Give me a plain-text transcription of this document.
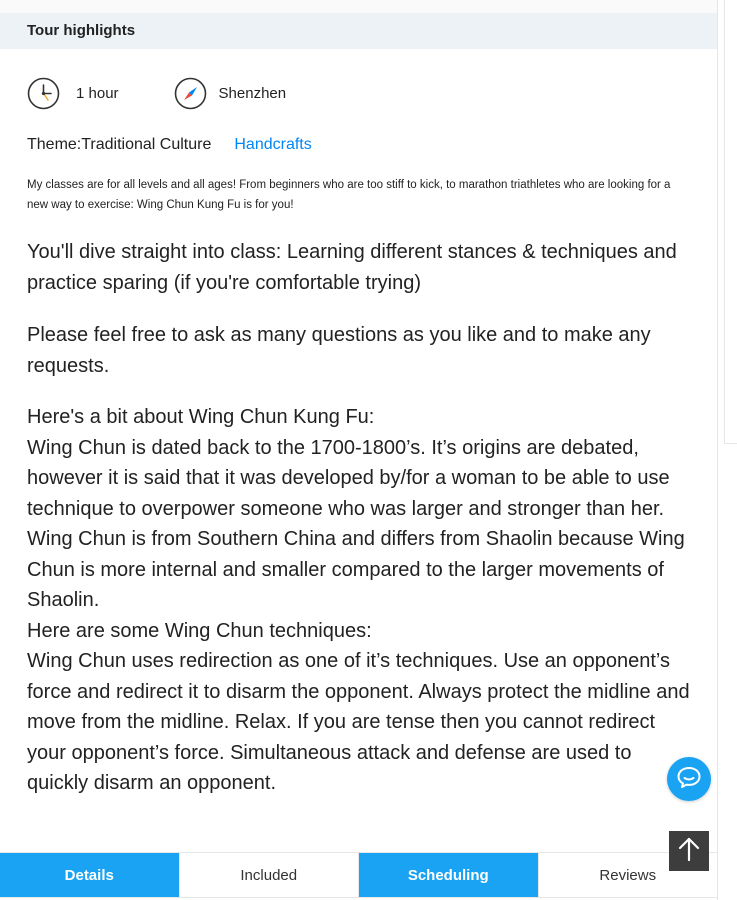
Tour highlights
1 hour	Shenzhen
Theme:Traditional Culture Handcrafts
My classes are for all levels and all ages! From beginners who are too stiff to kick, to marathon triathletes who are looking for a new way to exercise: Wing Chun Kung Fu is for you!
You'll dive straight into class: Learning different stances & techniques and practice sparing (if you're comfortable trying)
Please feel free to ask as many questions as you like and to make any requests.
Here's a bit about Wing Chun Kung Fu:
Wing Chun is dated back to the 1700-1800’s. It’s origins are debated, however it is said that it was developed by/for a woman to be able to use technique to overpower someone who was larger and stronger than her. Wing Chun is from Southern China and differs from Shaolin because Wing Chun is more internal and smaller compared to the larger movements of Shaolin.
Here are some Wing Chun techniques:
Wing Chun uses redirection as one of it’s techniques. Use an opponent’s force and redirect it to disarm the opponent. Always protect the midline and move from the midline. Relax. If you are tense then you cannot redirect your opponent’s force. Simultaneous attack and defense are used to quickly disarm an opponent.
Details	Included	Scheduling	Reviews
